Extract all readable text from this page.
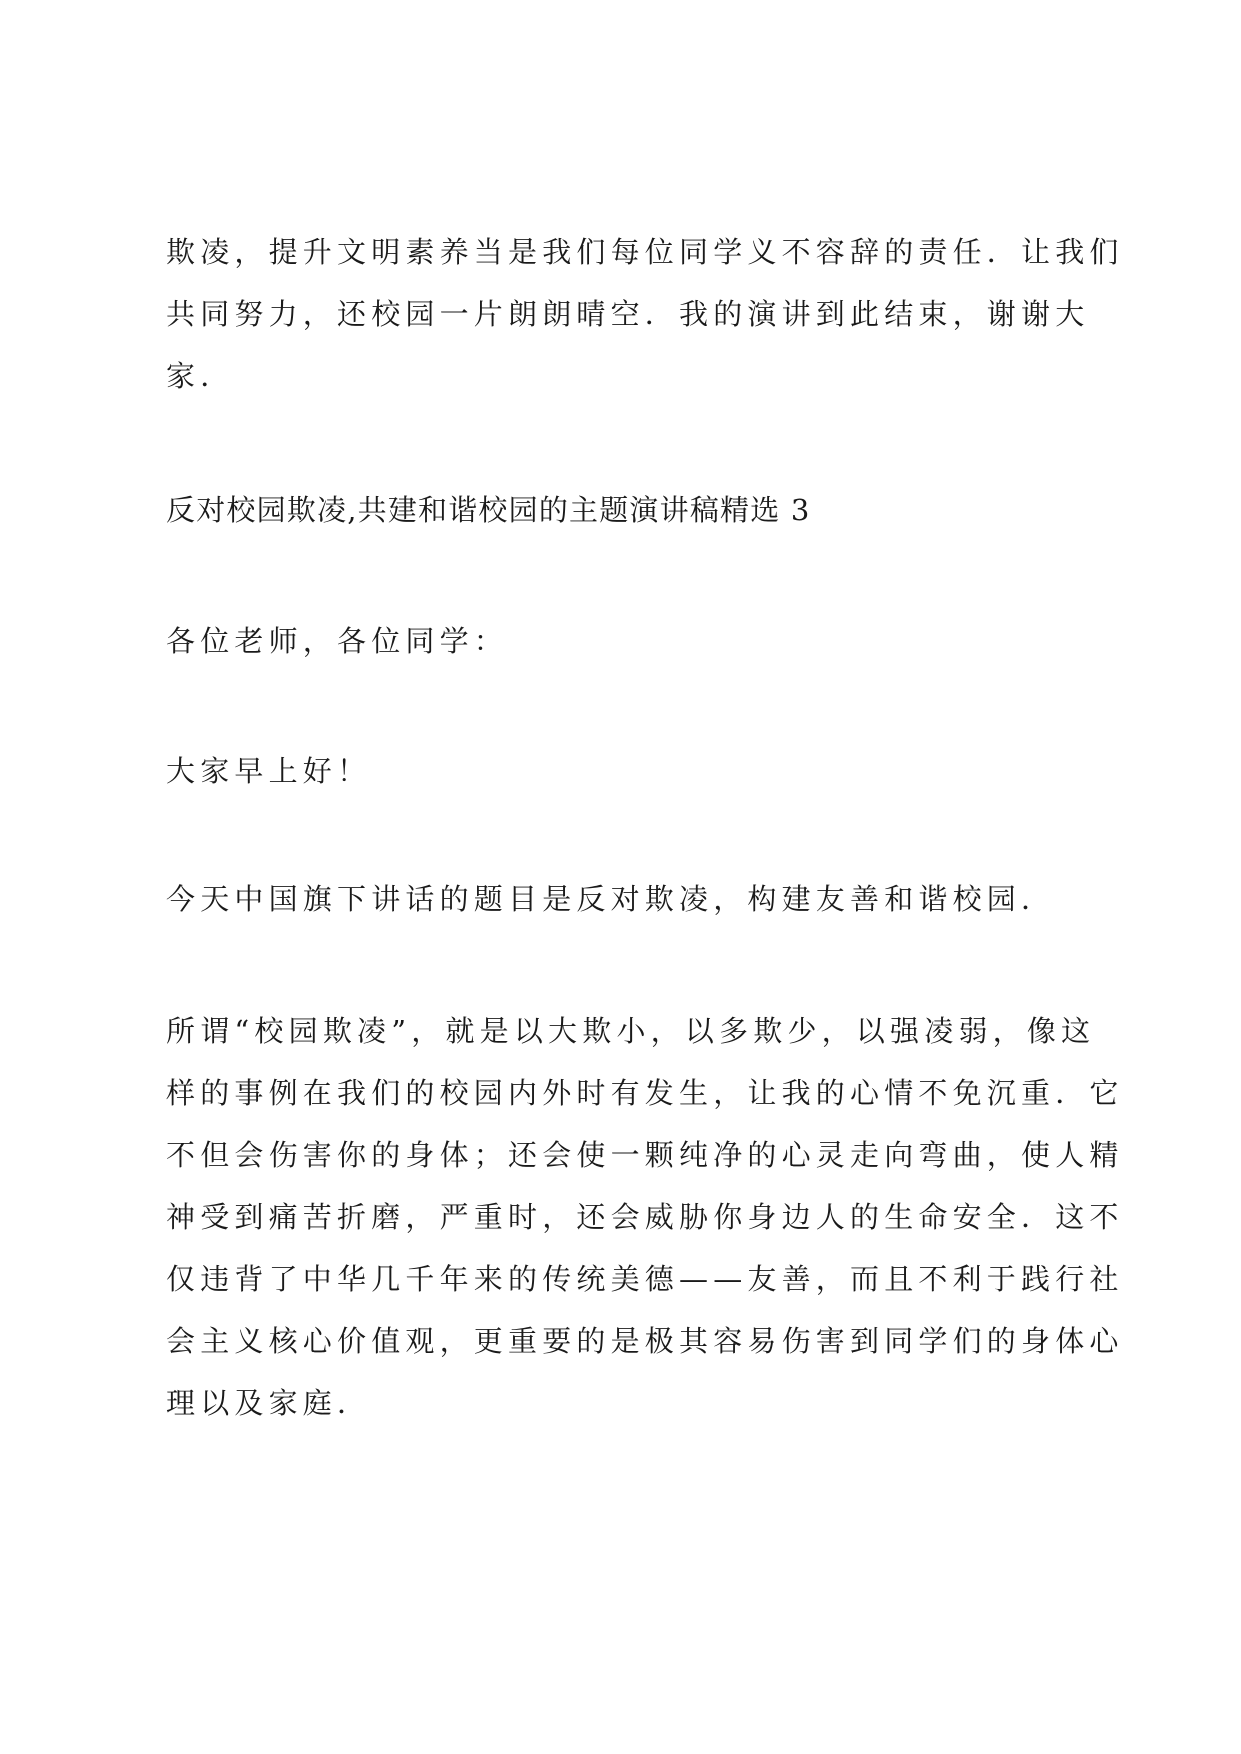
欺凌，提升文明素养当是我们每位同学义不容辞的责任．让我们
共同努力，还校园一片朗朗晴空．我的演讲到此结束，谢谢大
家．
反对校园欺凌,共建和谐校园的主题演讲稿精选 3
各位老师，各位同学：
大家早上好！
今天中国旗下讲话的题目是反对欺凌，构建友善和谐校园．
所谓“校园欺凌”，就是以大欺小，以多欺少，以强凌弱，像这
样的事例在我们的校园内外时有发生，让我的心情不免沉重．它
不但会伤害你的身体；还会使一颗纯净的心灵走向弯曲，使人精
神受到痛苦折磨，严重时，还会威胁你身边人的生命安全．这不
仅违背了中华几千年来的传统美德——友善，而且不利于践行社
会主义核心价值观，更重要的是极其容易伤害到同学们的身体心
理以及家庭．
